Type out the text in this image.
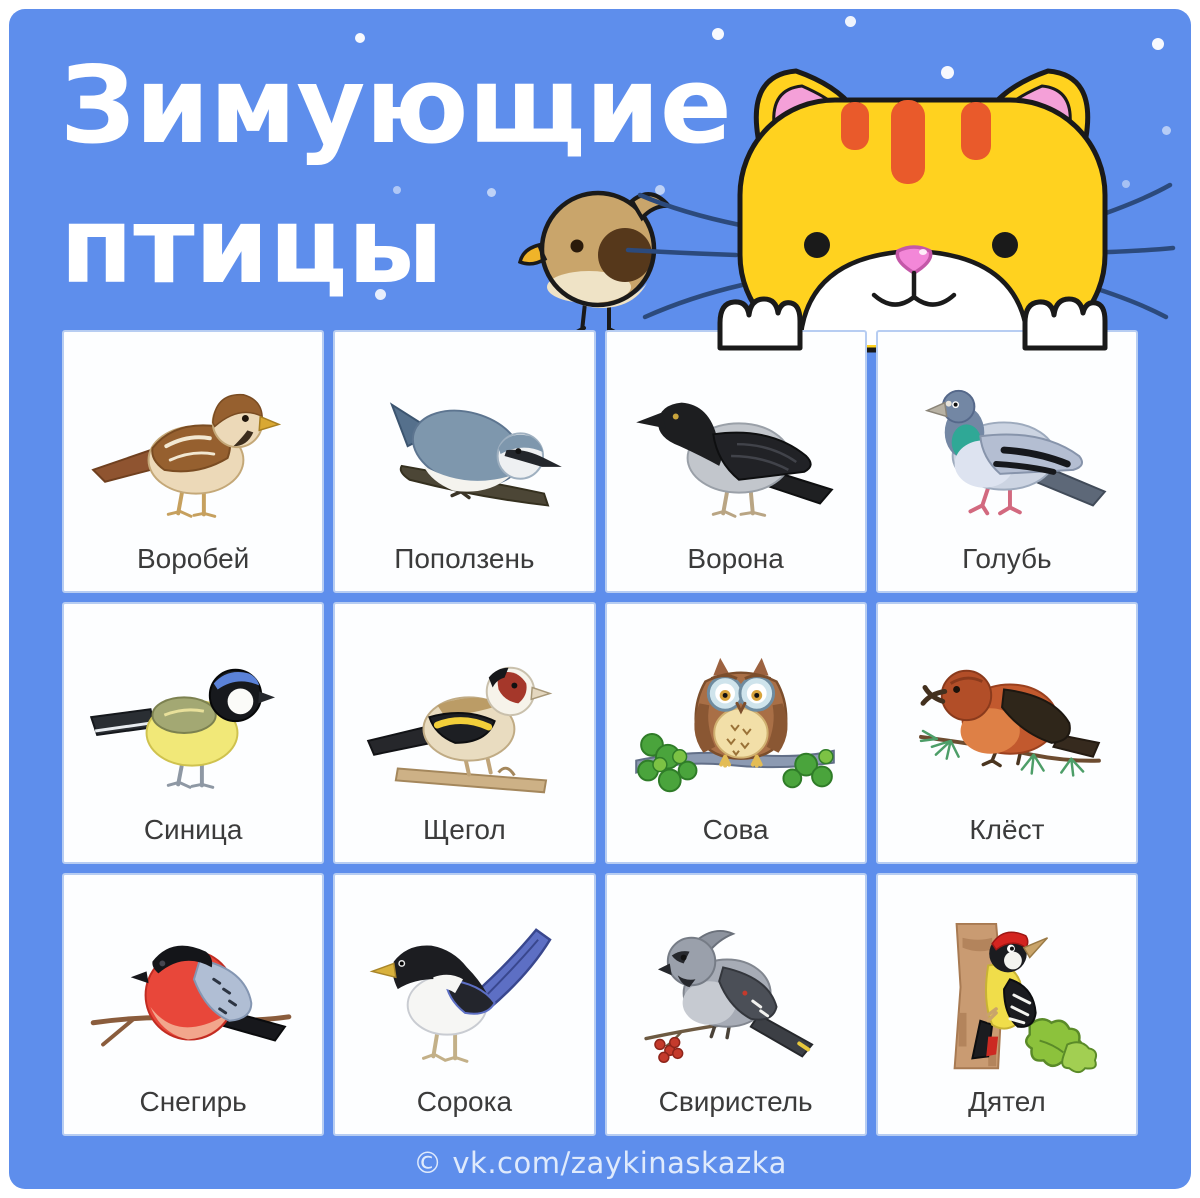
Зимующие
птицы
Воробей	Поползень	Ворона	Голубь
Синица	Щегол	Сова	Клёст
Снегирь	Сорока	Свиристель	Дятел
© vk.com/zaykinaskazka
